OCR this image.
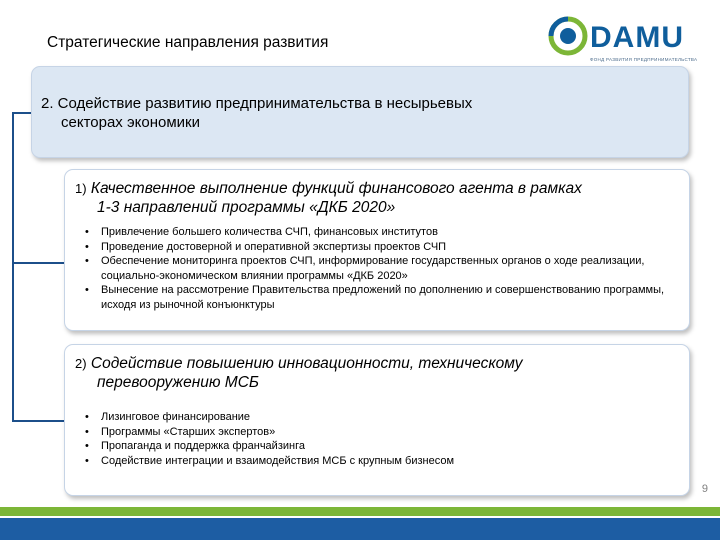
Стратегические направления развития	DAMU
ФОНД РАЗВИТИЯ ПРЕДПРИНИМАТЕЛЬСТВА
2. Содействие развитию предпринимательства в несырьевых
секторах экономики
1) Качественное выполнение функций финансового агента в рамках
1-3 направлений программы «ДКБ 2020»
• Привлечение большего количества СЧП, финансовых институтов
• Проведение достоверной и оперативной экспертизы проектов СЧП
• Обеспечение мониторинга проектов СЧП, информирование государственных органов о ходе реализации, социально-экономическом влиянии программы «ДКБ 2020»
• Вынесение на рассмотрение Правительства предложений по дополнению и совершенствованию программы, исходя из рыночной конъюнктуры
2) Содействие повышению инновационности, техническому
перевооружению МСБ
• Лизинговое финансирование
• Программы «Старших экспертов»
• Пропаганда и поддержка франчайзинга
• Содействие интеграции и взаимодействия МСБ с крупным бизнесом
9
